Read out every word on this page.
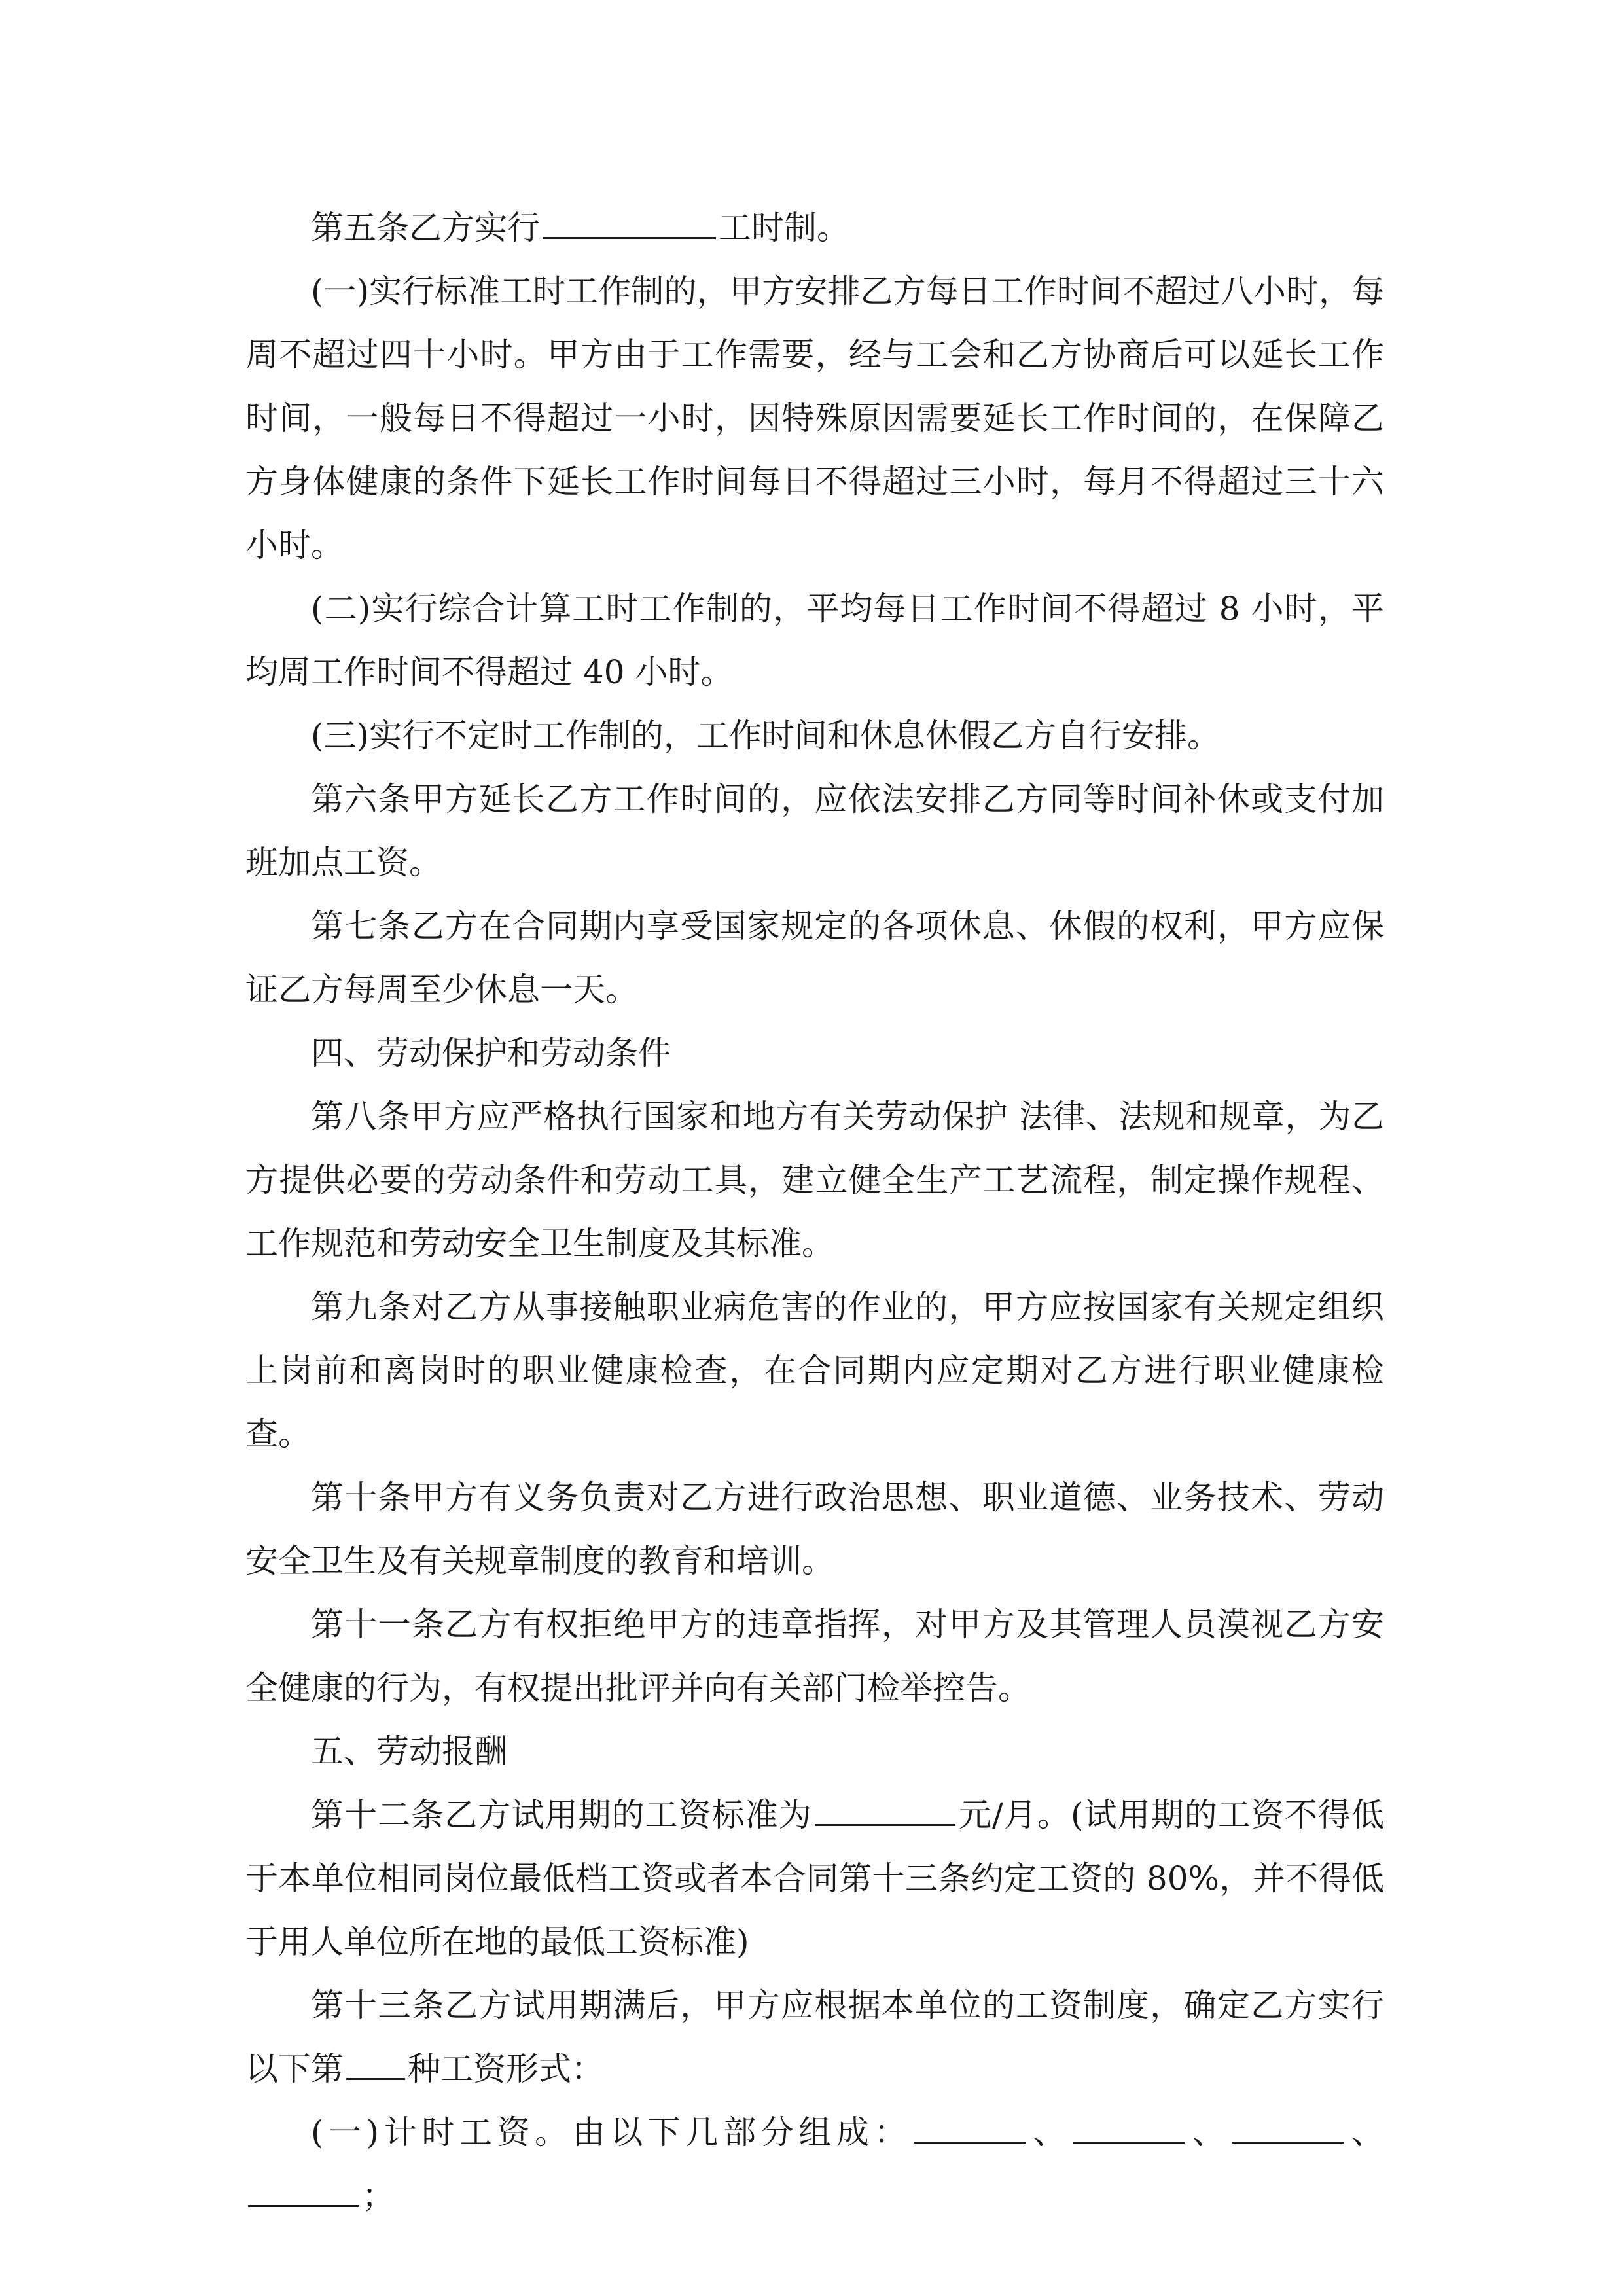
第五条乙方实行	工时制。

(一)实行标准工时工作制的，甲方安排乙方每日工作时间不超过八小时，每周不超过四十小时。甲方由于工作需要，经与工会和乙方协商后可以延长工作时间，一般每日不得超过一小时，因特殊原因需要延长工作时间的，在保障乙方身体健康的条件下延长工作时间每日不得超过三小时，每月不得超过三十六小时。

(二)实行综合计算工时工作制的，平均每日工作时间不得超过 8 小时，平均周工作时间不得超过 40 小时。

(三)实行不定时工作制的，工作时间和休息休假乙方自行安排。

第六条甲方延长乙方工作时间的，应依法安排乙方同等时间补休或支付加班加点工资。

第七条乙方在合同期内享受国家规定的各项休息、休假的权利，甲方应保证乙方每周至少休息一天。

四、劳动保护和劳动条件

第八条甲方应严格执行国家和地方有关劳动保护 法律、法规和规章，为乙方提供必要的劳动条件和劳动工具，建立健全生产工艺流程，制定操作规程、工作规范和劳动安全卫生制度及其标准。

第九条对乙方从事接触职业病危害的作业的，甲方应按国家有关规定组织上岗前和离岗时的职业健康检查，在合同期内应定期对乙方进行职业健康检查。

第十条甲方有义务负责对乙方进行政治思想、职业道德、业务技术、劳动安全卫生及有关规章制度的教育和培训。

第十一条乙方有权拒绝甲方的违章指挥，对甲方及其管理人员漠视乙方安全健康的行为，有权提出批评并向有关部门检举控告。

五、劳动报酬

第十二条乙方试用期的工资标准为	元/月。(试用期的工资不得低于本单位相同岗位最低档工资或者本合同第十三条约定工资的 80%，并不得低于用人单位所在地的最低工资标准)

第十三条乙方试用期满后，甲方应根据本单位的工资制度，确定乙方实行以下第 种工资形式：

(一)计时工资。由以下几部分组成：	、	、	、；
